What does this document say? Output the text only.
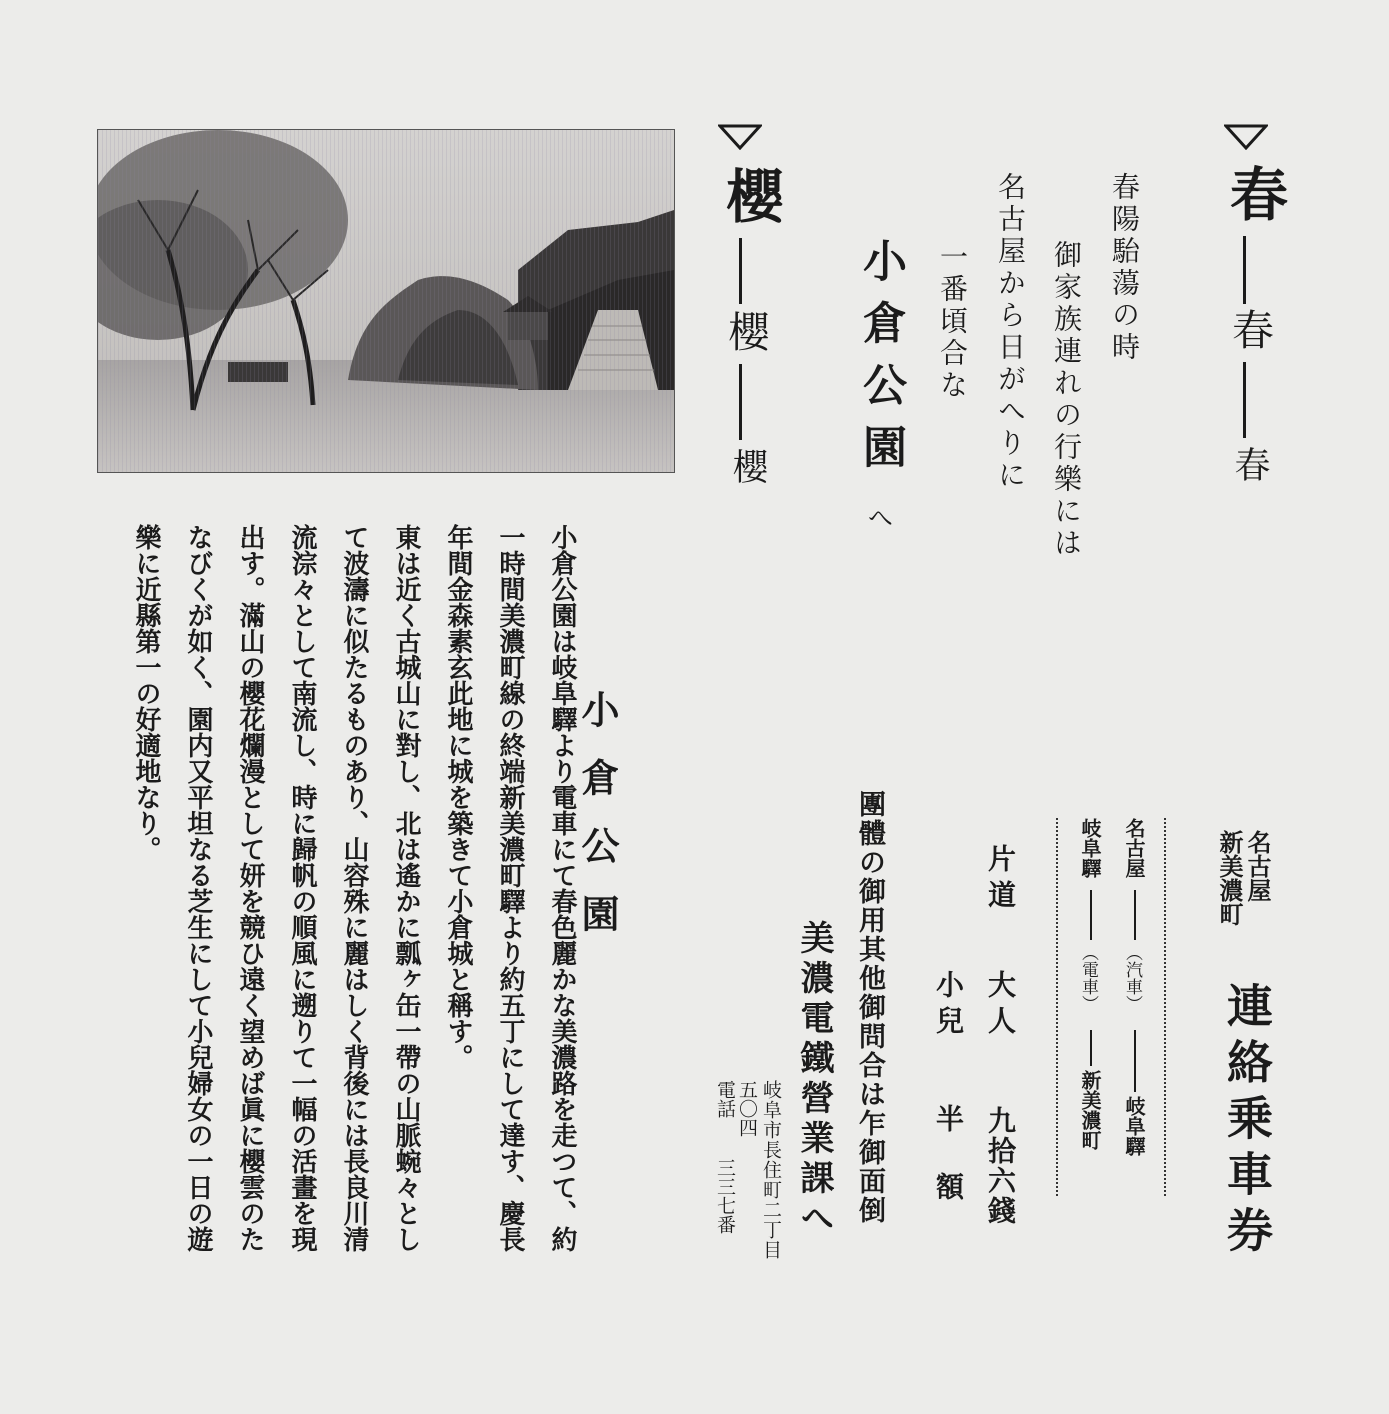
春

春

春

春陽駘蕩の時

御家族連れの行樂には

名古屋から日がへりに

一番頃合な

小倉公園

へ

櫻

櫻

櫻

名古屋

新美濃町

連絡乗車券

名古屋

（汽車）

岐阜驛

岐阜驛

（電車）

新美濃町

片道

大人

九拾六錢

小兒

半額

團體の御用其他御問合は乍御面倒

美濃電鐵營業課へ

岐阜市長住町二丁目

五〇四

電話

三三七番

小倉公園

小倉公園は岐阜驛より電車にて春色麗かな美濃路を走つて、約
一時間美濃町線の終端新美濃町驛より約五丁にして達す、慶長
年間金森素玄此地に城を築きて小倉城と稱す。
東は近く古城山に對し、北は遙かに瓢ヶ缶一帶の山脈蜿々とし
て波濤に似たるものあり、山容殊に麗はしく背後には長良川清
流淙々として南流し、時に歸帆の順風に遡りて一幅の活畫を現
出す。滿山の櫻花爛漫として妍を競ひ遠く望めば眞に櫻雲のた
なびくが如く、園内又平坦なる芝生にして小兒婦女の一日の遊
樂に近縣第一の好適地なり。
